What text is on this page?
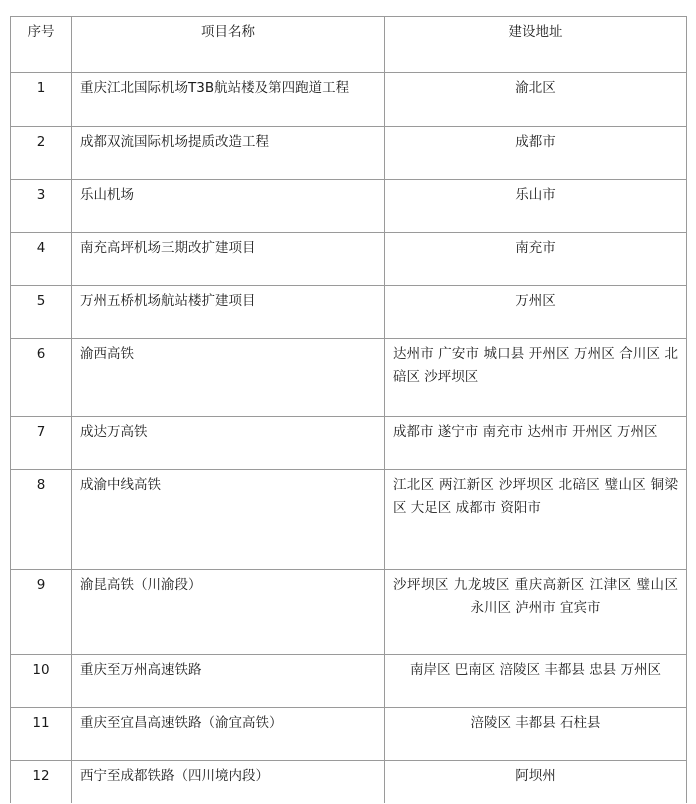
序号	项目名称	建设地址
1	重庆江北国际机场T3B航站楼及第四跑道工程	渝北区
2	成都双流国际机场提质改造工程	成都市
3	乐山机场	乐山市
4	南充高坪机场三期改扩建项目	南充市
5	万州五桥机场航站楼扩建项目	万州区
6	渝西高铁	达州市 广安市 城口县 开州区 万州区 合川区 北碚区 沙坪坝区
7	成达万高铁	成都市 遂宁市 南充市 达州市 开州区 万州区
8	成渝中线高铁	江北区 两江新区 沙坪坝区 北碚区 璧山区 铜梁区 大足区 成都市 资阳市
9	渝昆高铁（川渝段）	沙坪坝区 九龙坡区 重庆高新区 江津区 璧山区 永川区 泸州市 宜宾市
10	重庆至万州高速铁路	南岸区 巴南区 涪陵区 丰都县 忠县 万州区
11	重庆至宜昌高速铁路（渝宜高铁）	涪陵区 丰都县 石柱县
12	西宁至成都铁路（四川境内段）	阿坝州
